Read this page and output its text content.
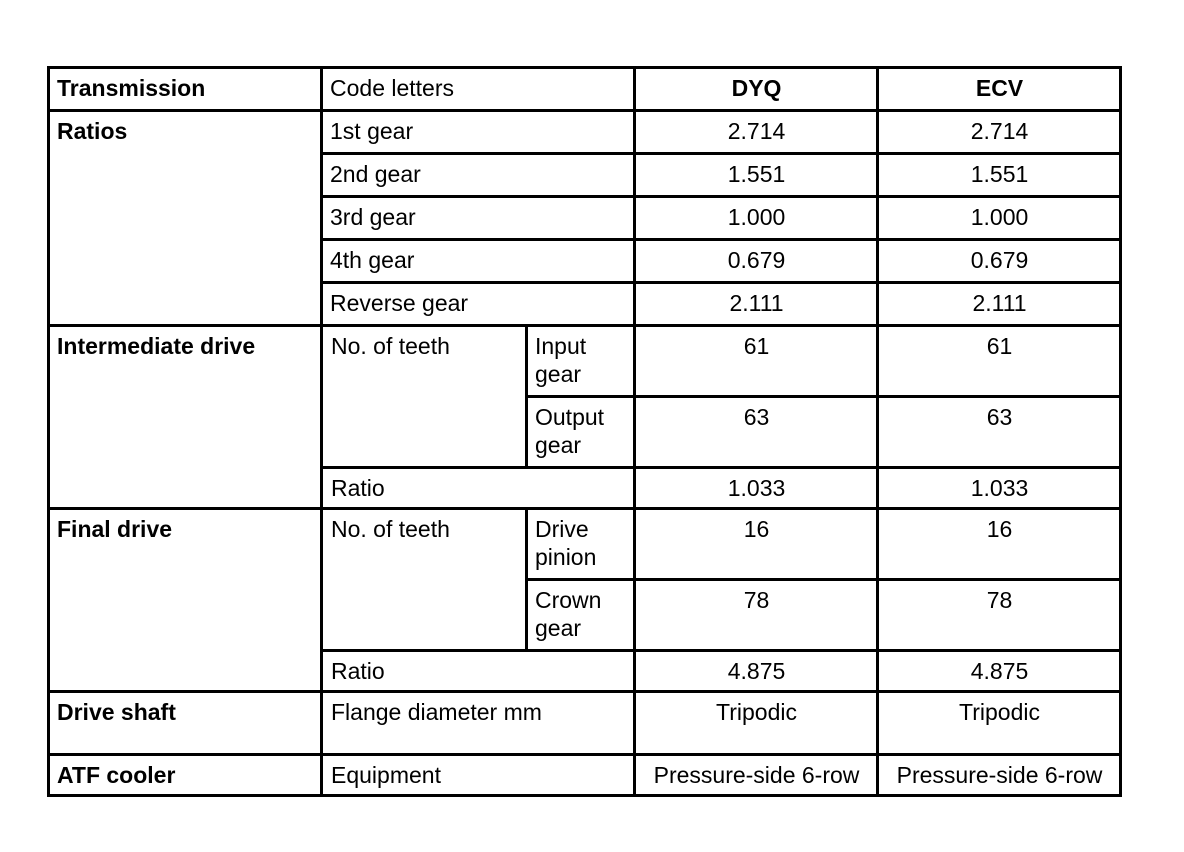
Transmission	Code letters		DYQ	ECV
Ratios	1st gear		2.714	2.714
	2nd gear		1.551	1.551
	3rd gear		1.000	1.000
	4th gear		0.679	0.679
	Reverse gear		2.111	2.111
Intermediate drive	No. of teeth	Input gear	61	61
		Output gear	63	63
	Ratio		1.033	1.033
Final drive	No. of teeth	Drive pinion	16	16
		Crown gear	78	78
	Ratio		4.875	4.875
Drive shaft	Flange diameter mm		Tripodic	Tripodic
ATF cooler	Equipment		Pressure-side 6-row	Pressure-side 6-row
